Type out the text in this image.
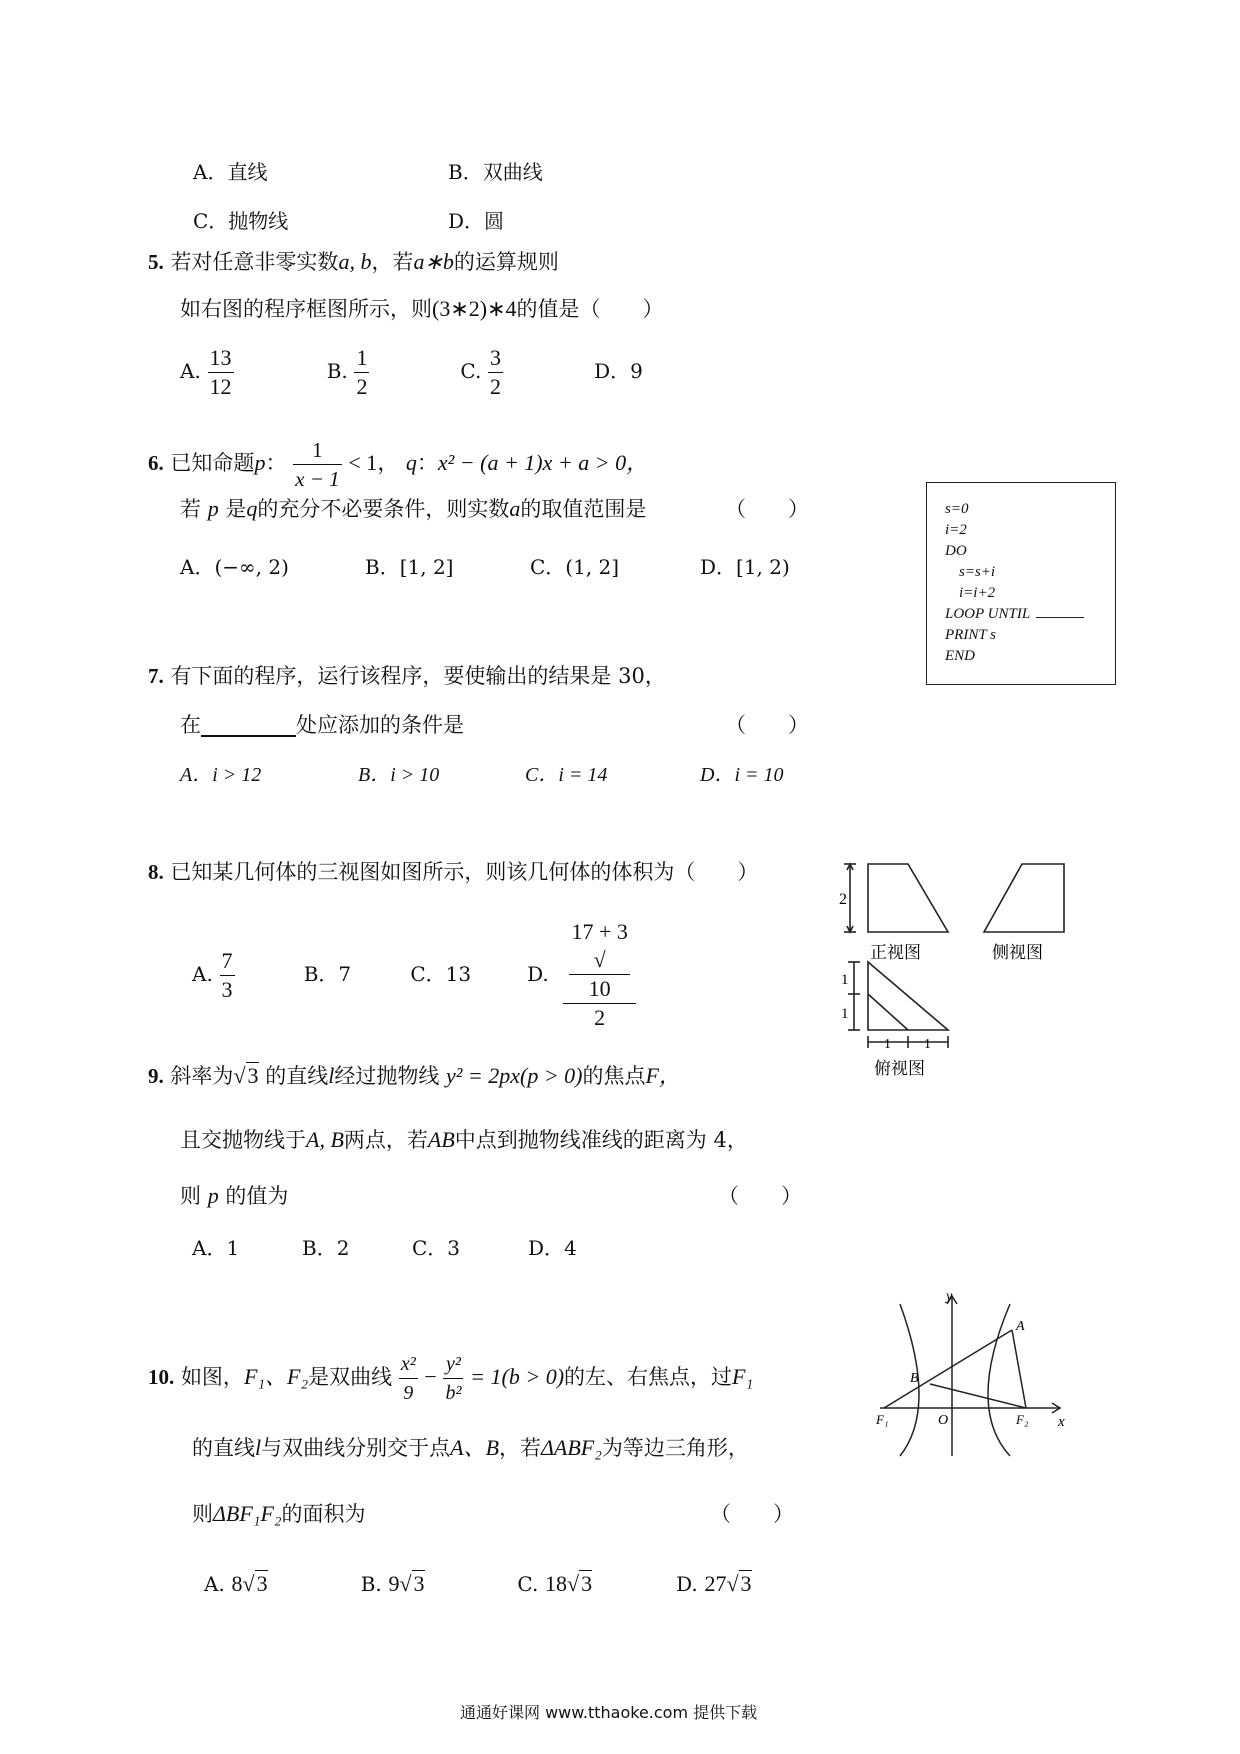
A．直线	B．双曲线
C．抛物线	D．圆
5. 若对任意非零实数a, b，若a∗b的运算规则
如右图的程序框图所示，则(3∗2)∗4的值是（　　）
A. $\frac{13}{12}$	B. $\frac{1}{2}$	C. $\frac{3}{2}$	D．9
6. 已知命题p： $\frac{1}{x - 1} < 1$， q：x² − (a + 1)x + a > 0，
若 p 是q的充分不必要条件，则实数a的取值范围是	（　　）
A．(−∞, 2)	B．[1, 2]	C．(1, 2]	D．[1, 2)
s=0
i=2
DO
s=s+i
i=i+2
LOOP UNTIL
PRINT s
END
7. 有下面的程序，运行该程序，要使输出的结果是 30，
在	处应添加的条件是	（　　）
A．i > 12	B．i > 10	C．i = 14	D．i = 10
8. 已知某几何体的三视图如图所示，则该几何体的体积为（　　）
A. $\frac{7}{3}$	B．7	C．13	D. 17 + 3
√
10
2
2
1
1
1 1
正视图	侧视图
俯视图
9. 斜率为√3 的直线l经过抛物线 y² = 2px(p > 0)的焦点F，
且交抛物线于A, B两点，若AB中点到抛物线准线的距离为 4，
则 p 的值为	（　　）
A．1	B．2	C．3	D．4
10. 如图，F₁、F₂是双曲线 $\frac{\text{x²}}{9} - \frac{\text{y²}}{\text{b²}} = 1(b > 0)$的左、右焦点，过F₁
的直线l与双曲线分别交于点A、B，若ΔABF₂为等边三角形，
则ΔBF₁F₂的面积为	（　　）
A. 8√3	B. 9√3	C. 18√3	D. 27√3
y
x
A
B
O
F₁	F₂
通通好课网 www.tthaoke.com 提供下载
